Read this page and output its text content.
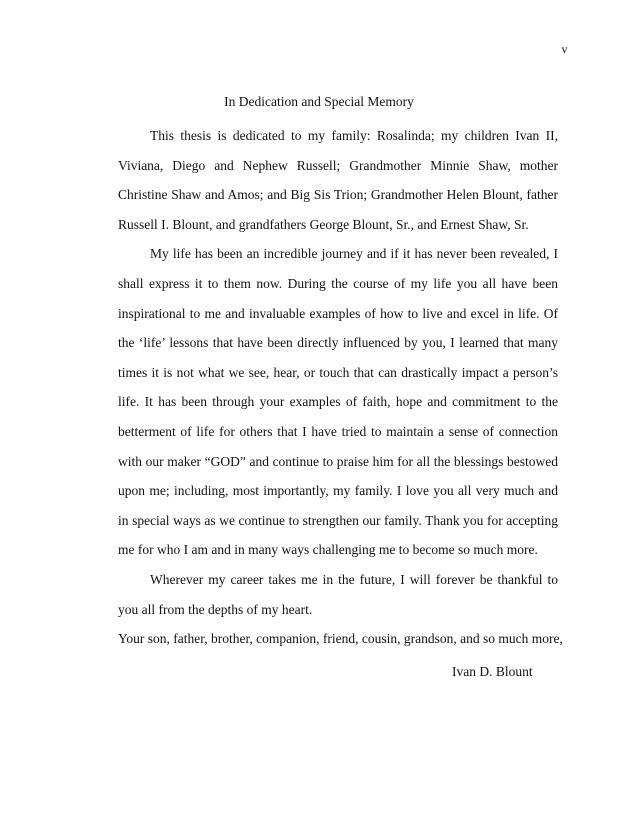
v
In Dedication and Special Memory

This thesis is dedicated to my family: Rosalinda; my children Ivan II, Viviana, Diego and Nephew Russell; Grandmother Minnie Shaw, mother Christine Shaw and Amos; and Big Sis Trion; Grandmother Helen Blount, father Russell I. Blount, and grandfathers George Blount, Sr., and Ernest Shaw, Sr.

My life has been an incredible journey and if it has never been revealed, I shall express it to them now. During the course of my life you all have been inspirational to me and invaluable examples of how to live and excel in life. Of the ‘life’ lessons that have been directly influenced by you, I learned that many times it is not what we see, hear, or touch that can drastically impact a person’s life. It has been through your examples of faith, hope and commitment to the betterment of life for others that I have tried to maintain a sense of connection with our maker “GOD” and continue to praise him for all the blessings bestowed upon me; including, most importantly, my family. I love you all very much and in special ways as we continue to strengthen our family. Thank you for accepting me for who I am and in many ways challenging me to become so much more.

Wherever my career takes me in the future, I will forever be thankful to you all from the depths of my heart.

Your son, father, brother, companion, friend, cousin, grandson, and so much more,

Ivan D. Blount
